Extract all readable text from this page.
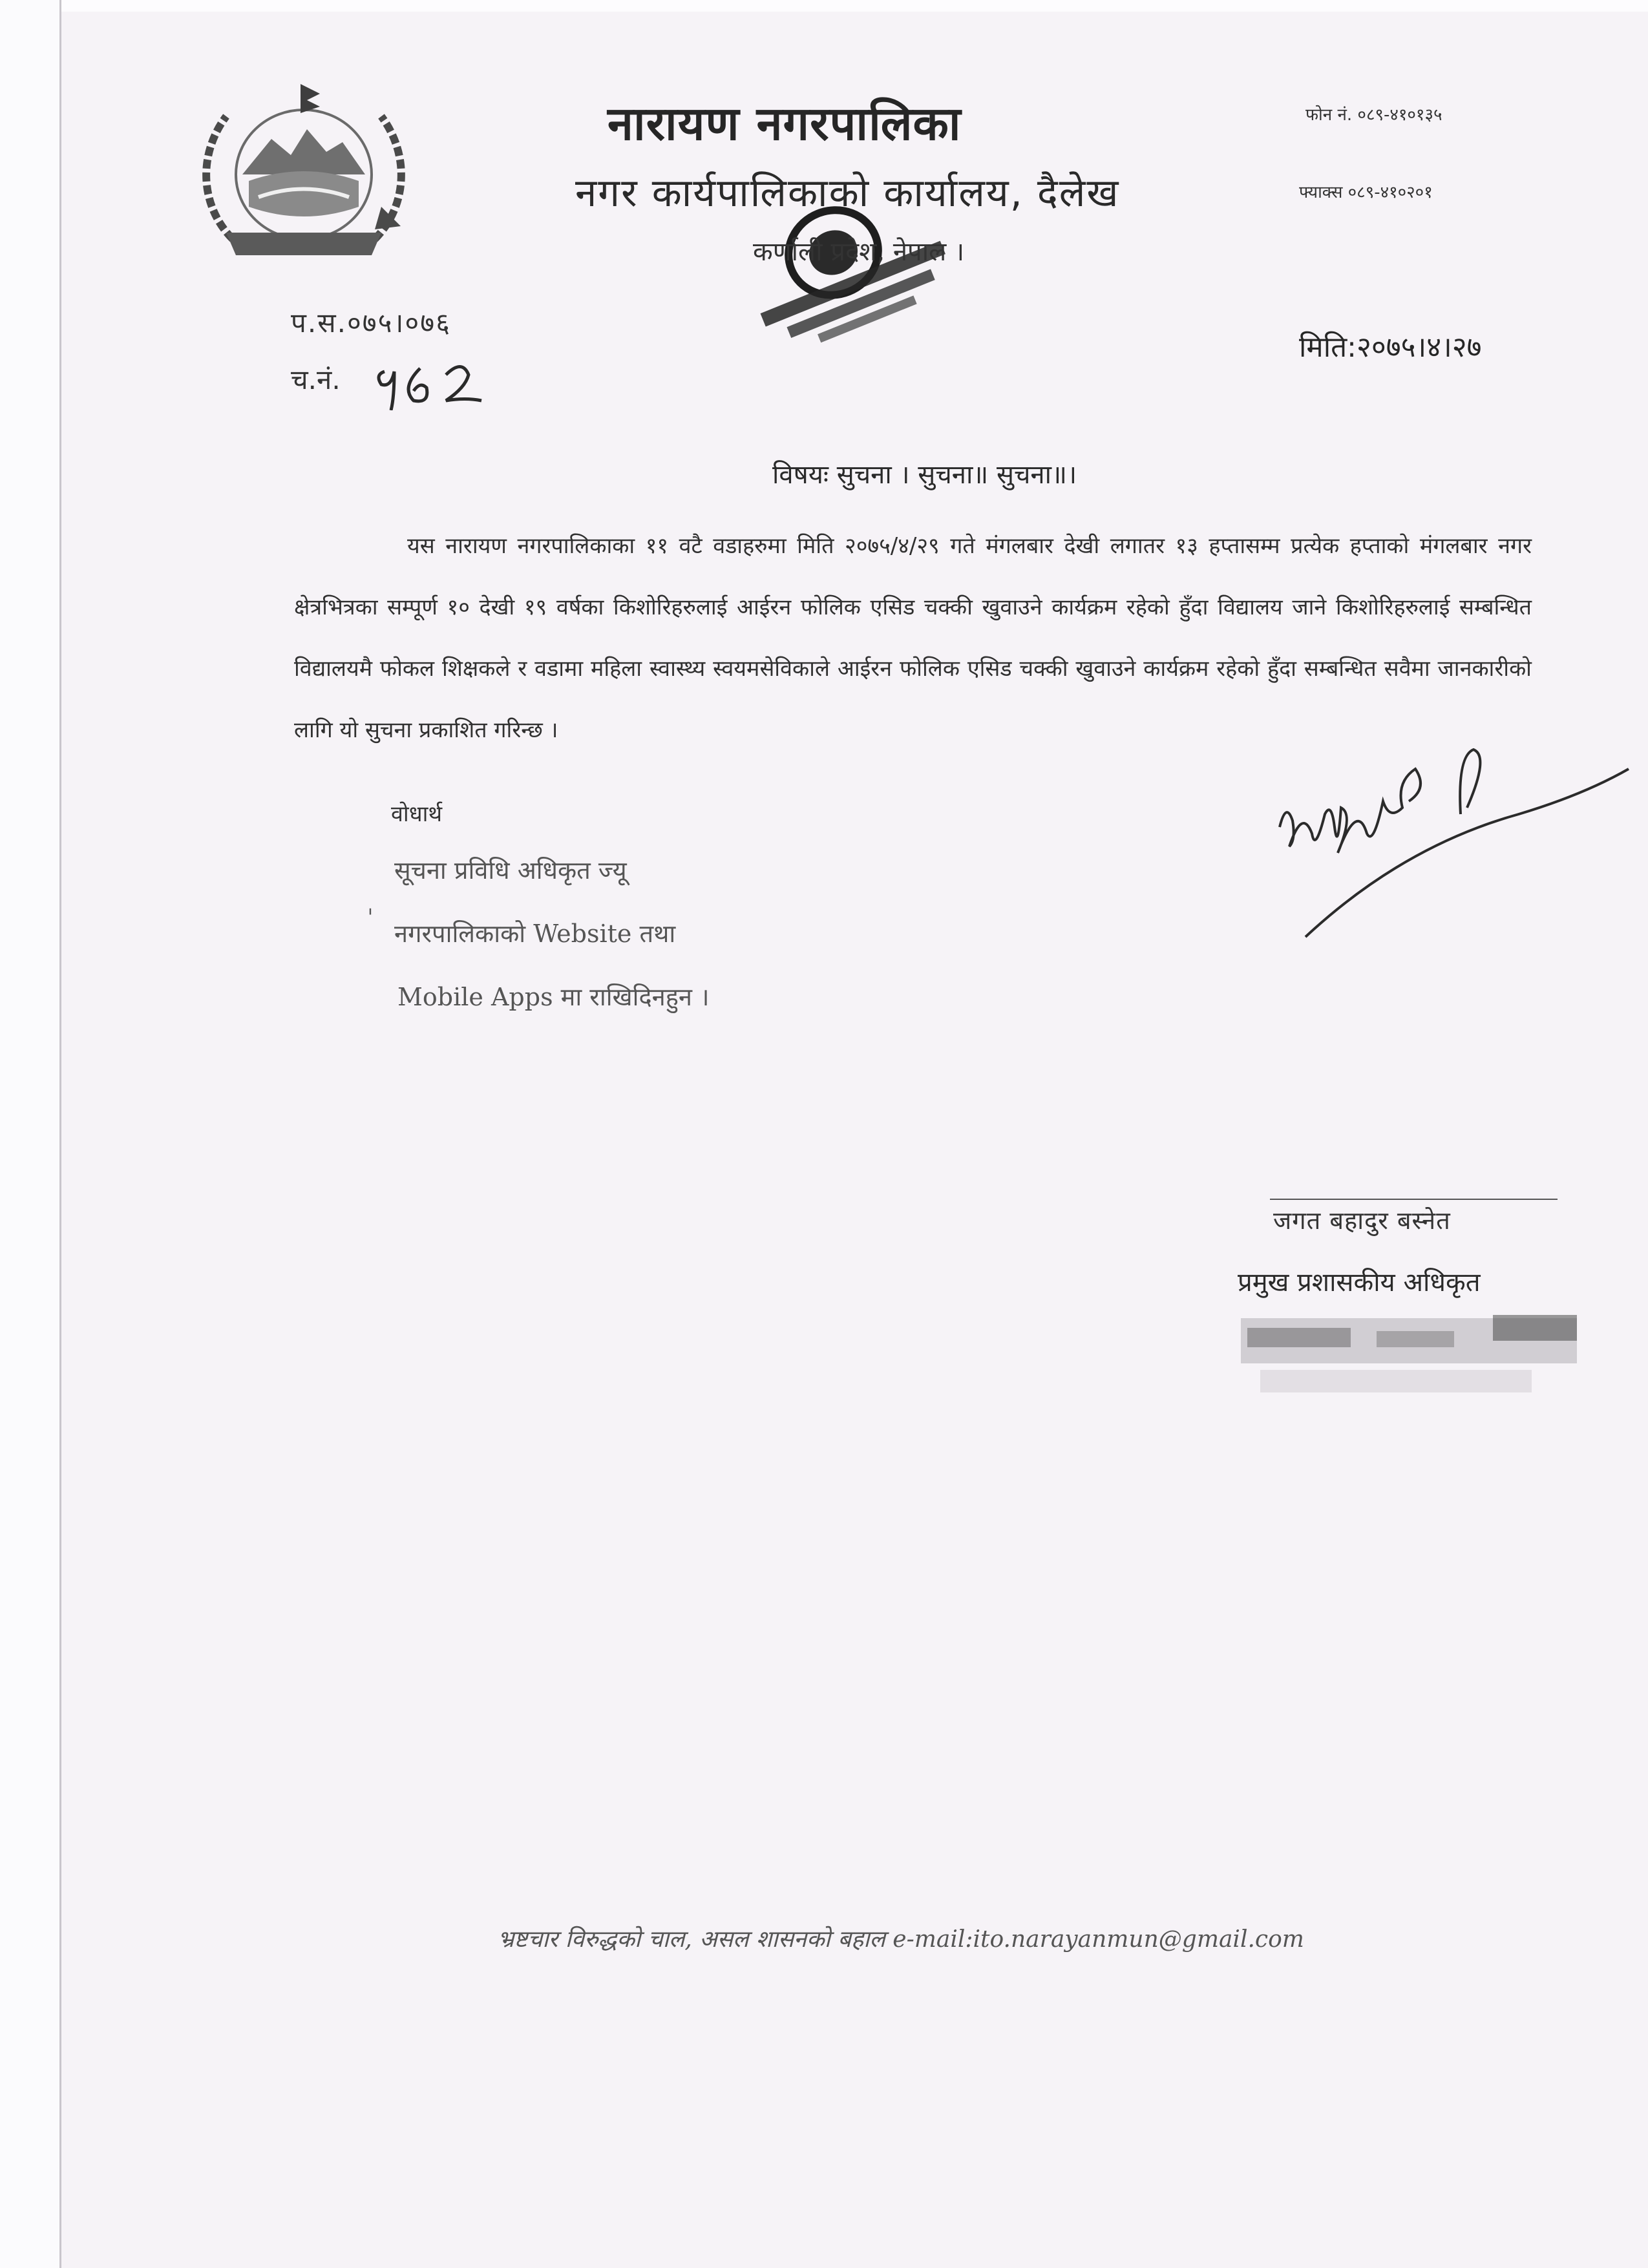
नारायण नगरपालिका
नगर कार्यपालिकाको कार्यालय, दैलेख
कर्णाली प्रदेश, नेपाल ।
फोन नं. ०८९-४१०१३५
फ्याक्स ०८९-४१०२०१
प.स.०७५।०७६
च.नं.
मिति:२०७५।४।२७
विषयः सुचना । सुचना॥ सुचना॥।
यस नारायण नगरपालिकाका ११ वटै वडाहरुमा मिति २०७५/४/२९ गते मंगलबार देखी लगातर १३ हप्तासम्म प्रत्येक हप्ताको मंगलबार नगर क्षेत्रभित्रका सम्पूर्ण १० देखी १९ वर्षका किशोरिहरुलाई आईरन फोलिक एसिड चक्की खुवाउने कार्यक्रम रहेको हुँदा विद्यालय जाने किशोरिहरुलाई सम्बन्धित विद्यालयमै फोकल शिक्षकले र वडामा महिला स्वास्थ्य स्वयमसेविकाले आईरन फोलिक एसिड चक्की खुवाउने कार्यक्रम रहेको हुँदा सम्बन्धित सवैमा जानकारीको लागि यो सुचना प्रकाशित गरिन्छ ।
वोधार्थ
ˌ
सूचना प्रविधि अधिकृत ज्यू
नगरपालिकाको Website तथा
Mobile Apps मा राखिदिनहुन ।
जगत बहादुर बस्नेत
प्रमुख प्रशासकीय अधिकृत
भ्रष्टचार विरुद्धको चाल, असल शासनको बहाल e-mail:ito.narayanmun@gmail.com
